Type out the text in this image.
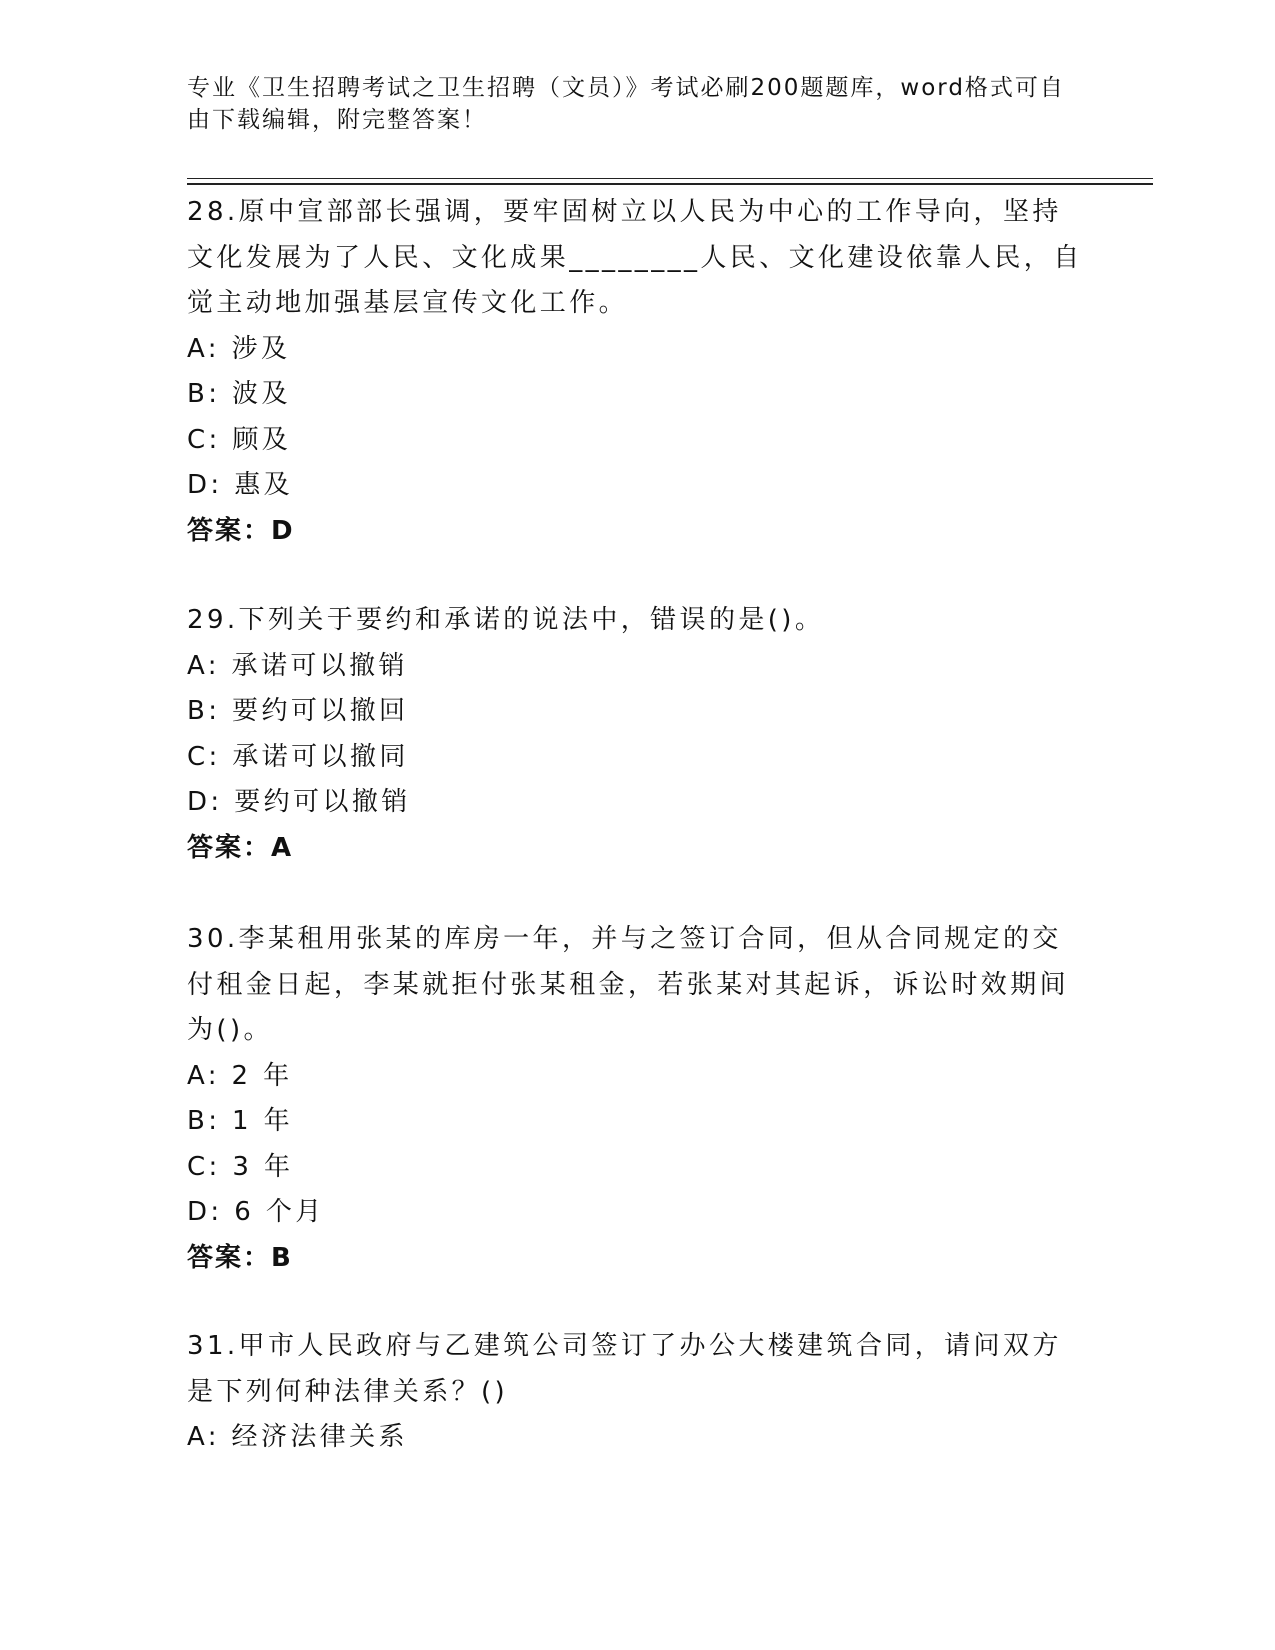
专业《卫生招聘考试之卫生招聘（文员）》考试必刷200题题库，word格式可自由下载编辑，附完整答案！
28.原中宣部部长强调，要牢固树立以人民为中心的工作导向，坚持文化发展为了人民、文化成果________人民、文化建设依靠人民，自觉主动地加强基层宣传文化工作。
A: 涉及
B: 波及
C: 顾及
D: 惠及
答案：D
29.下列关于要约和承诺的说法中，错误的是()。
A: 承诺可以撤销
B: 要约可以撤回
C: 承诺可以撤同
D: 要约可以撤销
答案：A
30.李某租用张某的库房一年，并与之签订合同，但从合同规定的交付租金日起，李某就拒付张某租金，若张某对其起诉，诉讼时效期间为()。
A: 2 年
B: 1 年
C: 3 年
D: 6 个月
答案：B
31.甲市人民政府与乙建筑公司签订了办公大楼建筑合同，请问双方是下列何种法律关系？()
A: 经济法律关系
